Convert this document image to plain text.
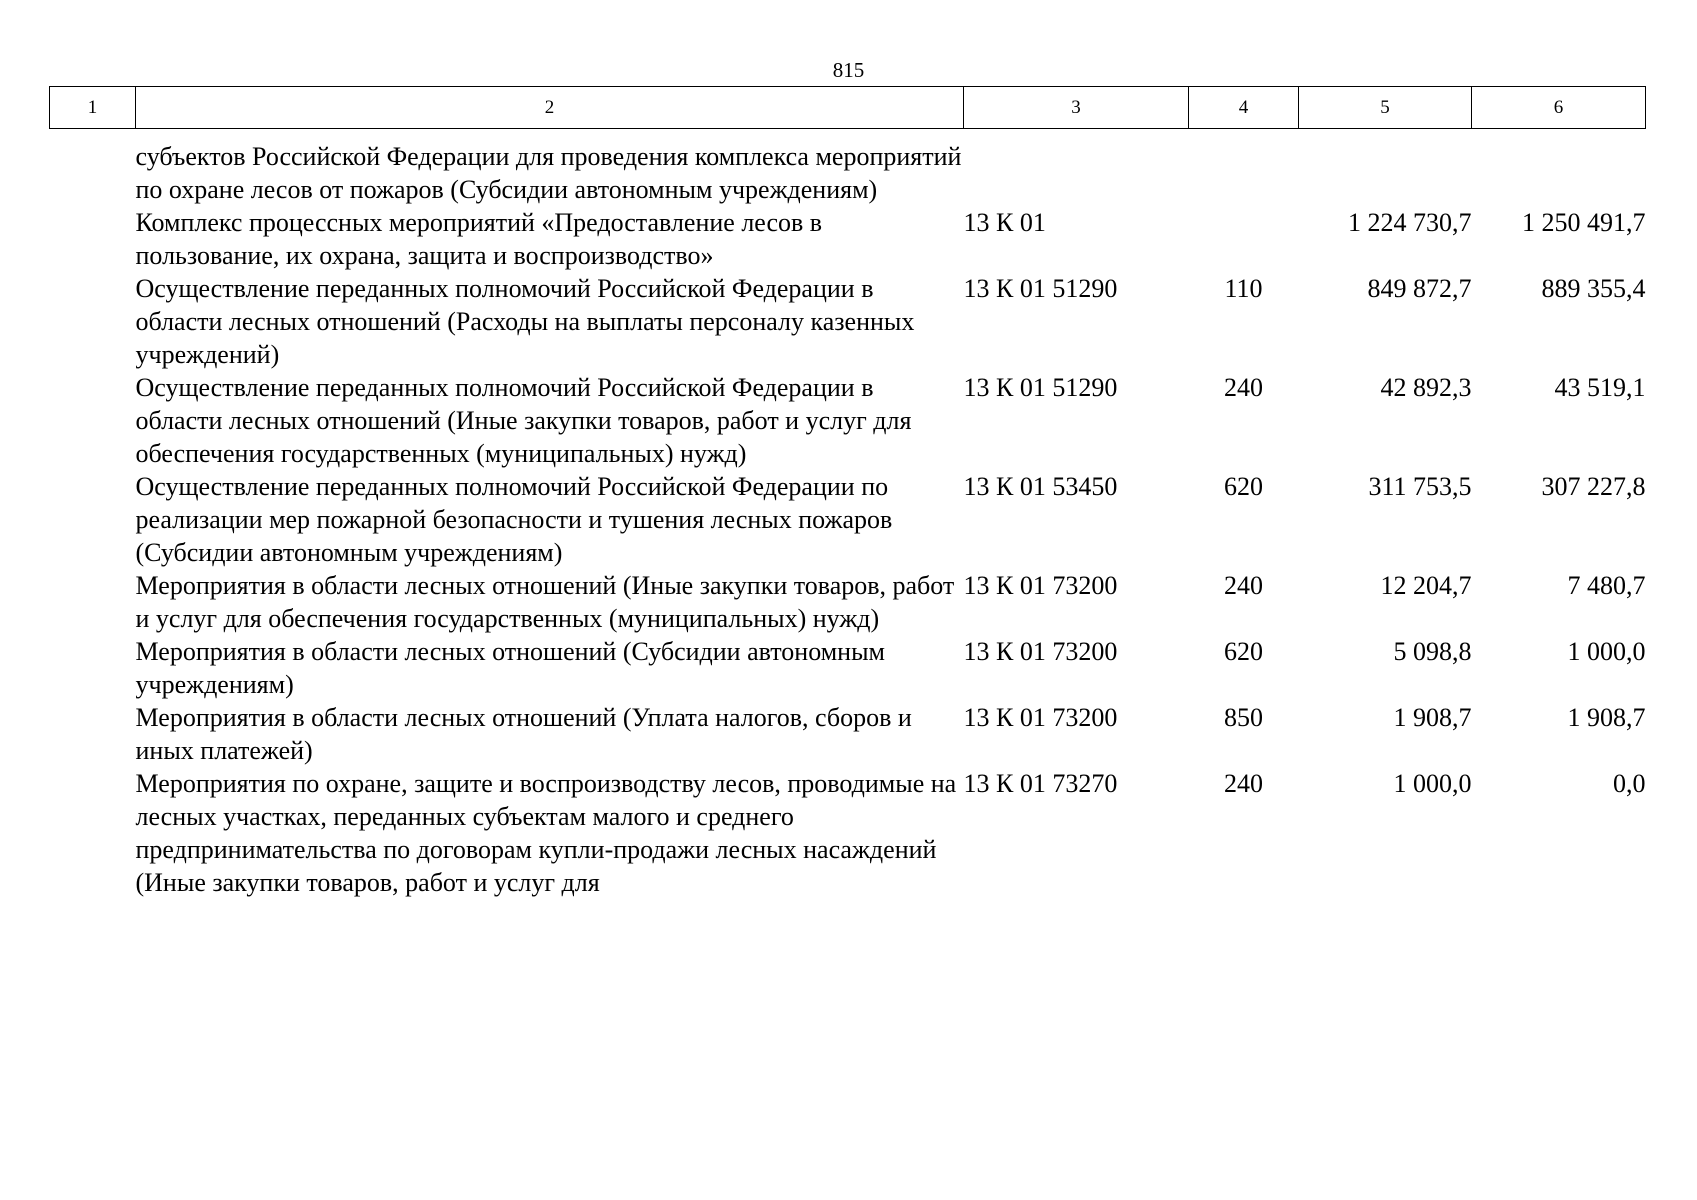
815
1	2	3	4	5	6
	субъектов Российской Федерации для проведения комплекса мероприятий по охране лесов от пожаров (Субсидии автономным учреждениям)				
	Комплекс процессных мероприятий «Предоставление лесов в пользование, их охрана, защита и воспроизводство»	13 К 01		1 224 730,7	1 250 491,7
	Осуществление переданных полномочий Российской Федерации в области лесных отношений (Расходы на выплаты персоналу казенных учреждений)	13 К 01 51290	110	849 872,7	889 355,4
	Осуществление переданных полномочий Российской Федерации в области лесных отношений (Иные закупки товаров, работ и услуг для обеспечения государственных (муниципальных) нужд)	13 К 01 51290	240	42 892,3	43 519,1
	Осуществление переданных полномочий Российской Федерации по реализации мер пожарной безопасности и тушения лесных пожаров (Субсидии автономным учреждениям)	13 К 01 53450	620	311 753,5	307 227,8
	Мероприятия в области лесных отношений (Иные закупки товаров, работ и услуг для обеспечения государственных (муниципальных) нужд)	13 К 01 73200	240	12 204,7	7 480,7
	Мероприятия в области лесных отношений (Субсидии автономным учреждениям)	13 К 01 73200	620	5 098,8	1 000,0
	Мероприятия в области лесных отношений (Уплата налогов, сборов и иных платежей)	13 К 01 73200	850	1 908,7	1 908,7
	Мероприятия по охране, защите и воспроизводству лесов, проводимые на лесных участках, переданных субъектам малого и среднего предпринимательства по договорам купли-продажи лесных насаждений (Иные закупки товаров, работ и услуг для	13 К 01 73270	240	1 000,0	0,0
